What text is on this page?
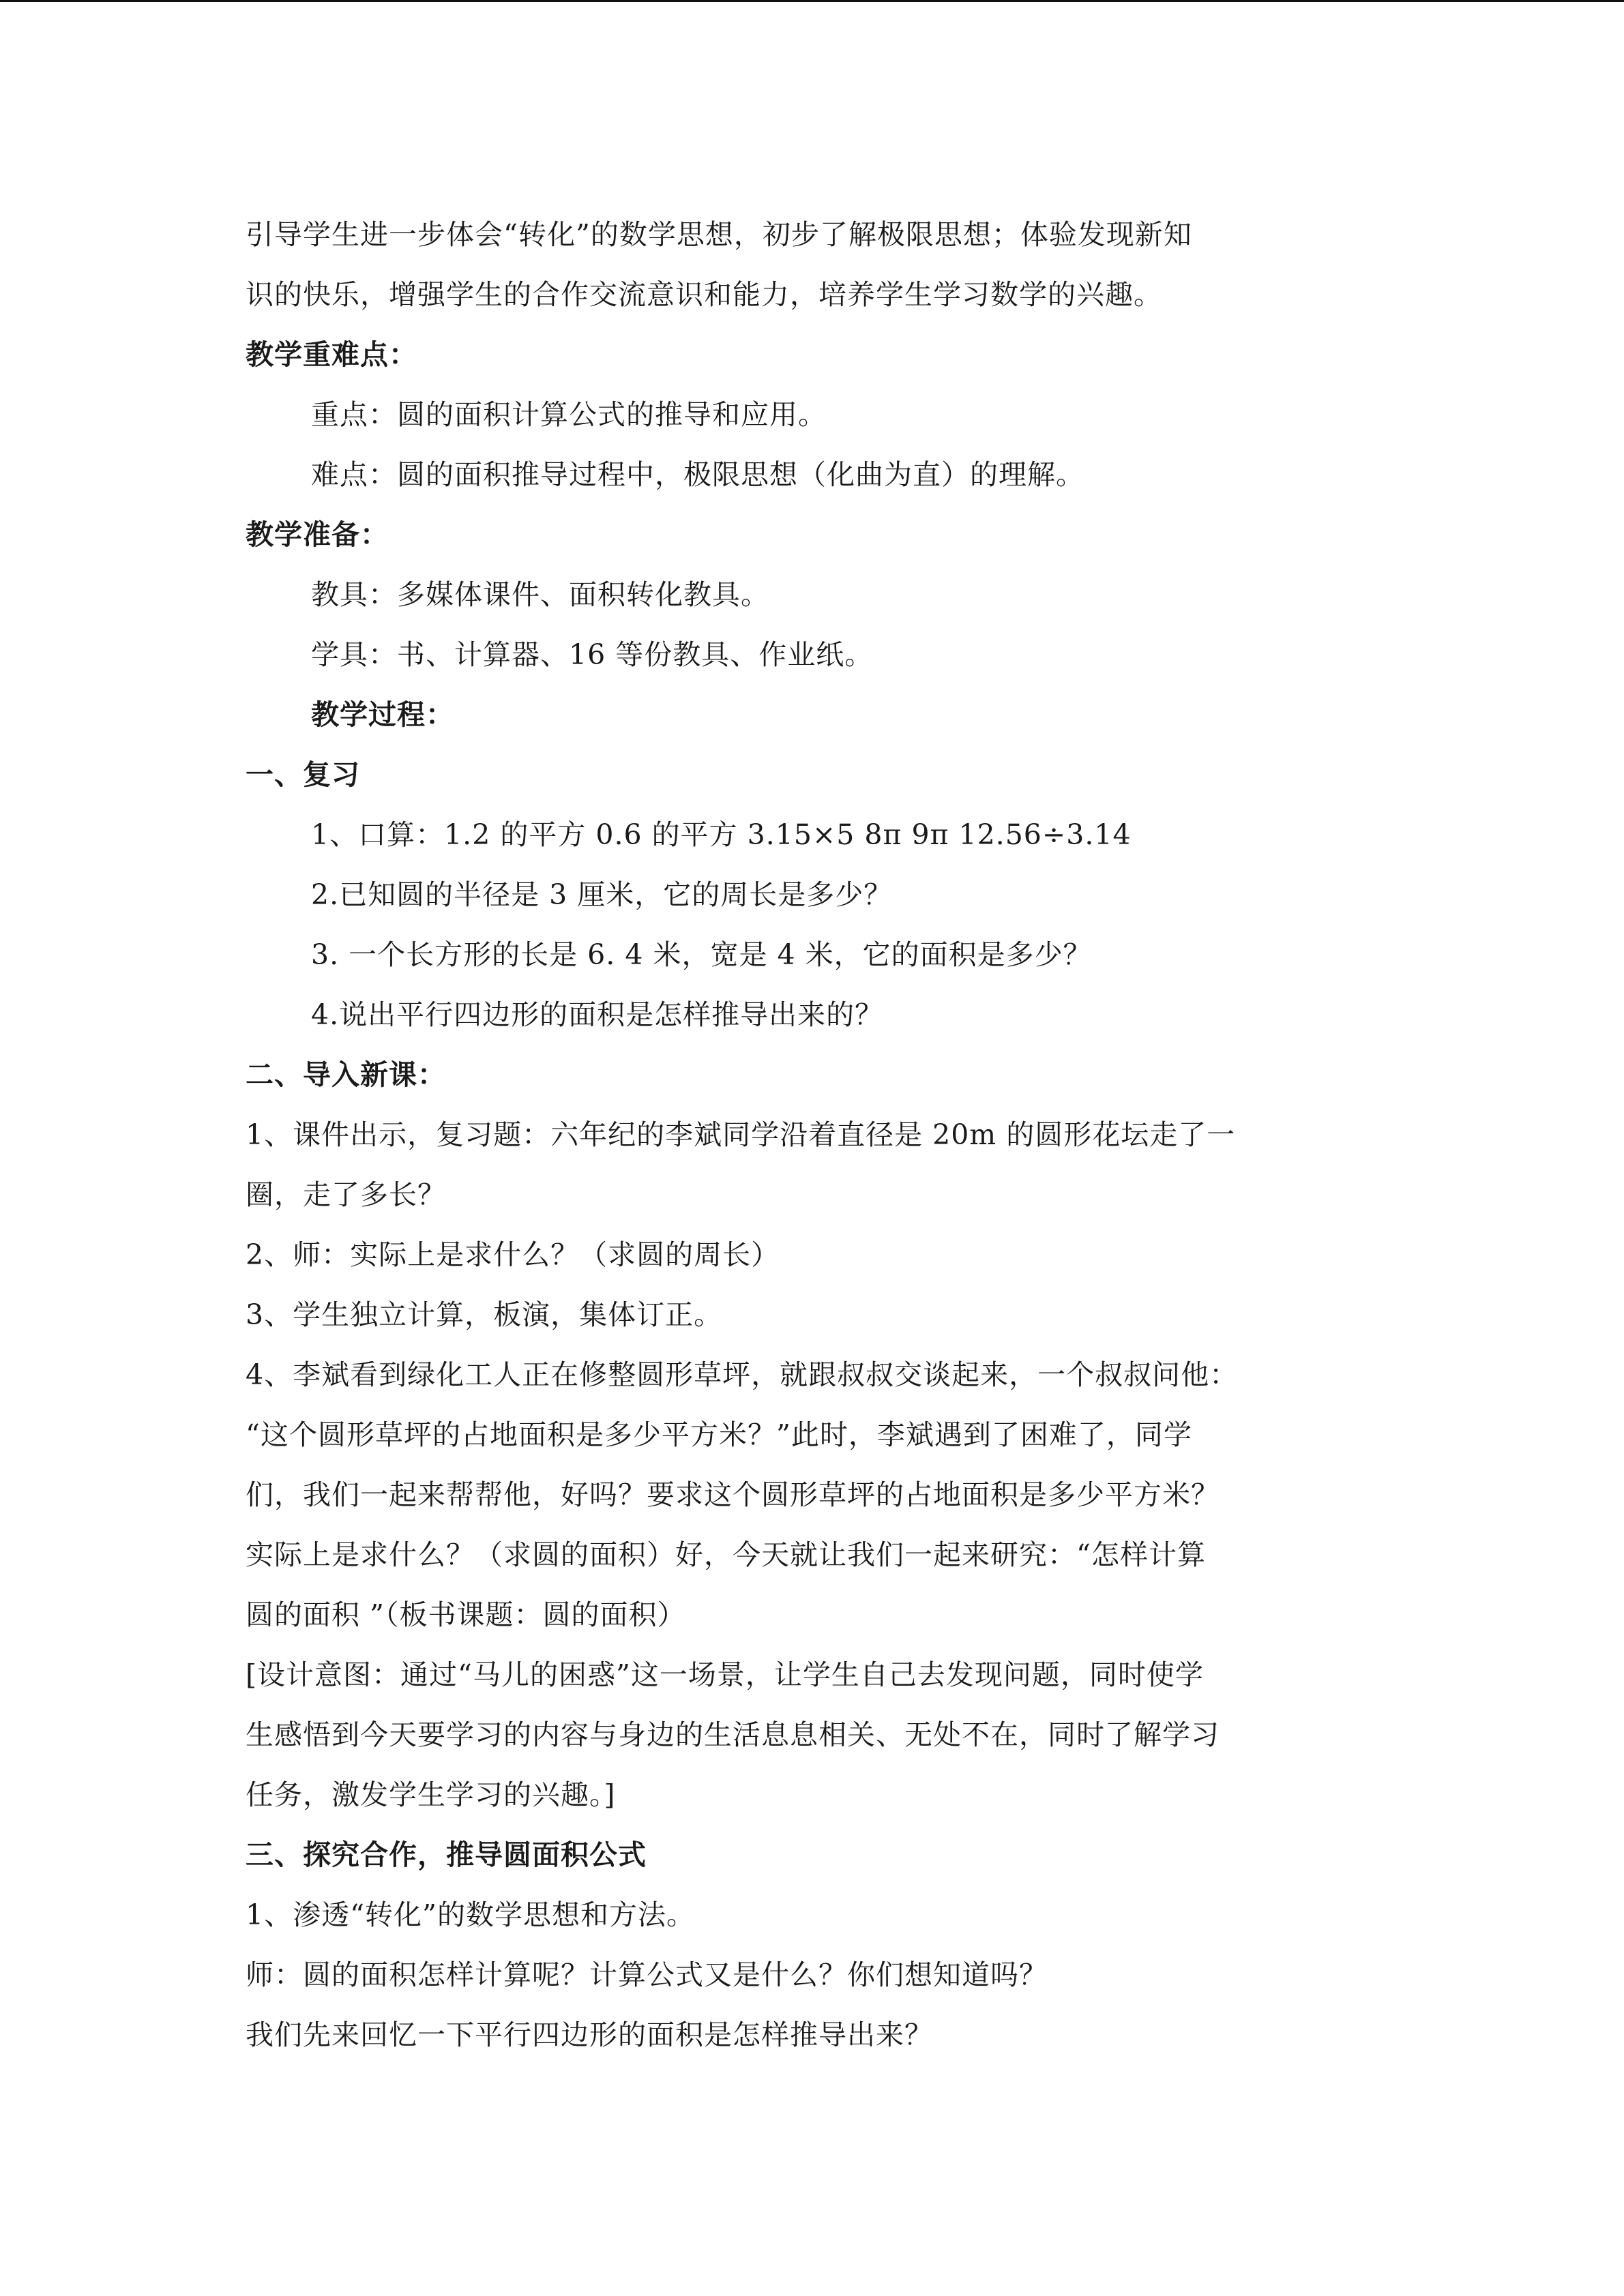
引导学生进一步体会“转化”的数学思想，初步了解极限思想；体验发现新知
识的快乐，增强学生的合作交流意识和能力，培养学生学习数学的兴趣。
教学重难点：
重点：圆的面积计算公式的推导和应用。
难点：圆的面积推导过程中，极限思想（化曲为直）的理解。
教学准备：
教具：多媒体课件、面积转化教具。
学具：书、计算器、16 等份教具、作业纸。
教学过程：
一、复习
1、口算：1.2 的平方 0.6 的平方 3.15×5 8π 9π 12.56÷3.14
2.已知圆的半径是 3 厘米，它的周长是多少？
3. 一个长方形的长是 6. 4 米，宽是 4 米，它的面积是多少？
4.说出平行四边形的面积是怎样推导出来的？
二、导入新课：
1、课件出示，复习题：六年纪的李斌同学沿着直径是 20m 的圆形花坛走了一
圈，走了多长？
2、师：实际上是求什么？（求圆的周长）
3、学生独立计算，板演，集体订正。
4、李斌看到绿化工人正在修整圆形草坪，就跟叔叔交谈起来，一个叔叔问他：
“这个圆形草坪的占地面积是多少平方米？”此时，李斌遇到了困难了，同学
们，我们一起来帮帮他，好吗？要求这个圆形草坪的占地面积是多少平方米？
实际上是求什么？（求圆的面积）好，今天就让我们一起来研究：“怎样计算
圆的面积 ”（板书课题：圆的面积）
[设计意图：通过“马儿的困惑”这一场景，让学生自己去发现问题，同时使学
生感悟到今天要学习的内容与身边的生活息息相关、无处不在，同时了解学习
任务，激发学生学习的兴趣。]
三、探究合作，推导圆面积公式
1、渗透“转化”的数学思想和方法。
师：圆的面积怎样计算呢？计算公式又是什么？你们想知道吗？
我们先来回忆一下平行四边形的面积是怎样推导出来？
